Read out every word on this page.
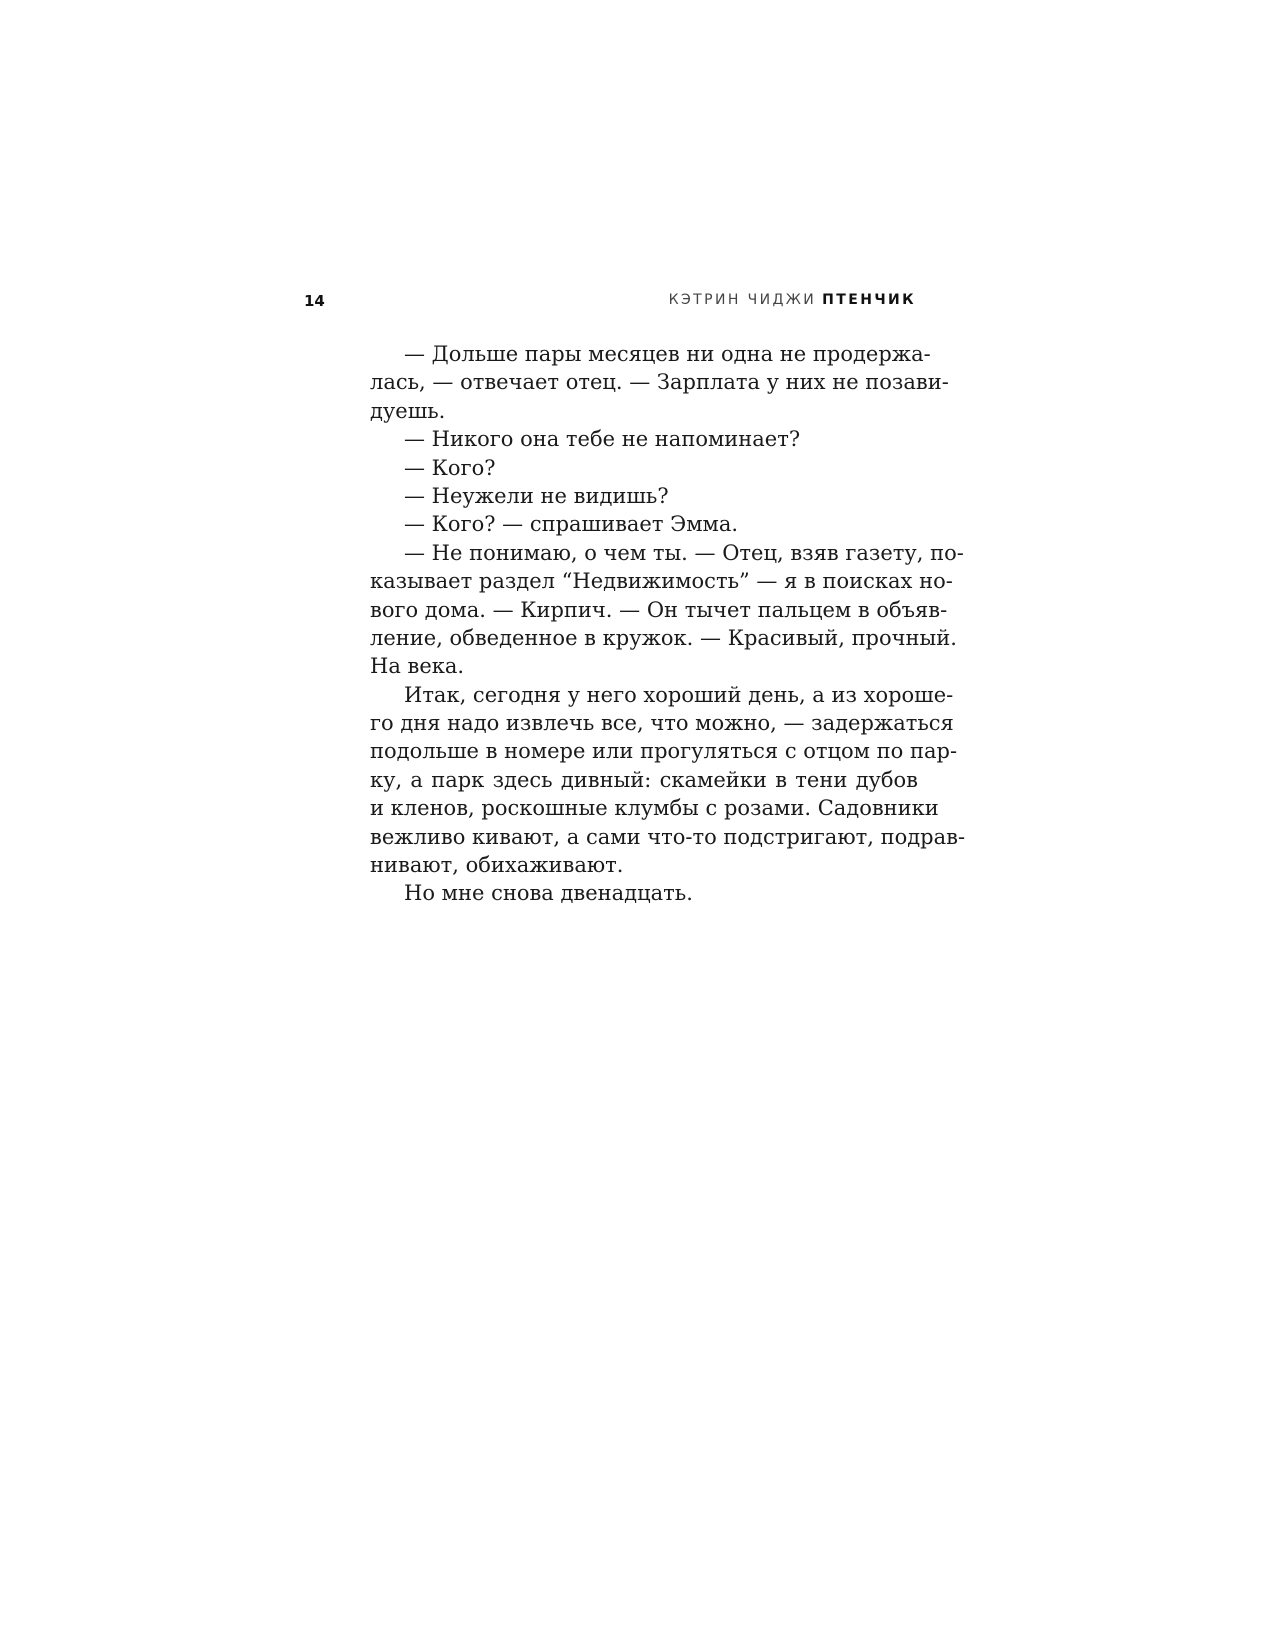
14	КЭТРИН ЧИДЖИ ПТЕНЧИК
— Дольше пары месяцев ни одна не продержа-
лась, — отвечает отец. — Зарплата у них не позави-
дуешь.
— Никого она тебе не напоминает?
— Кого?
— Неужели не видишь?
— Кого? — спрашивает Эмма.
— Не понимаю, о чем ты. — Отец, взяв газету, по-
казывает раздел “Недвижимость” — я в поисках но-
вого дома. — Кирпич. — Он тычет пальцем в объяв-
ление, обведенное в кружок. — Красивый, прочный.
На века.
Итак, сегодня у него хороший день, а из хороше-
го дня надо извлечь все, что можно, — задержаться
подольше в номере или прогуляться с отцом по пар-
ку, а парк здесь дивный: скамейки в тени дубов
и кленов, роскошные клумбы с розами. Садовники
вежливо кивают, а сами что-то подстригают, подрав-
нивают, обихаживают.
Но мне снова двенадцать.
